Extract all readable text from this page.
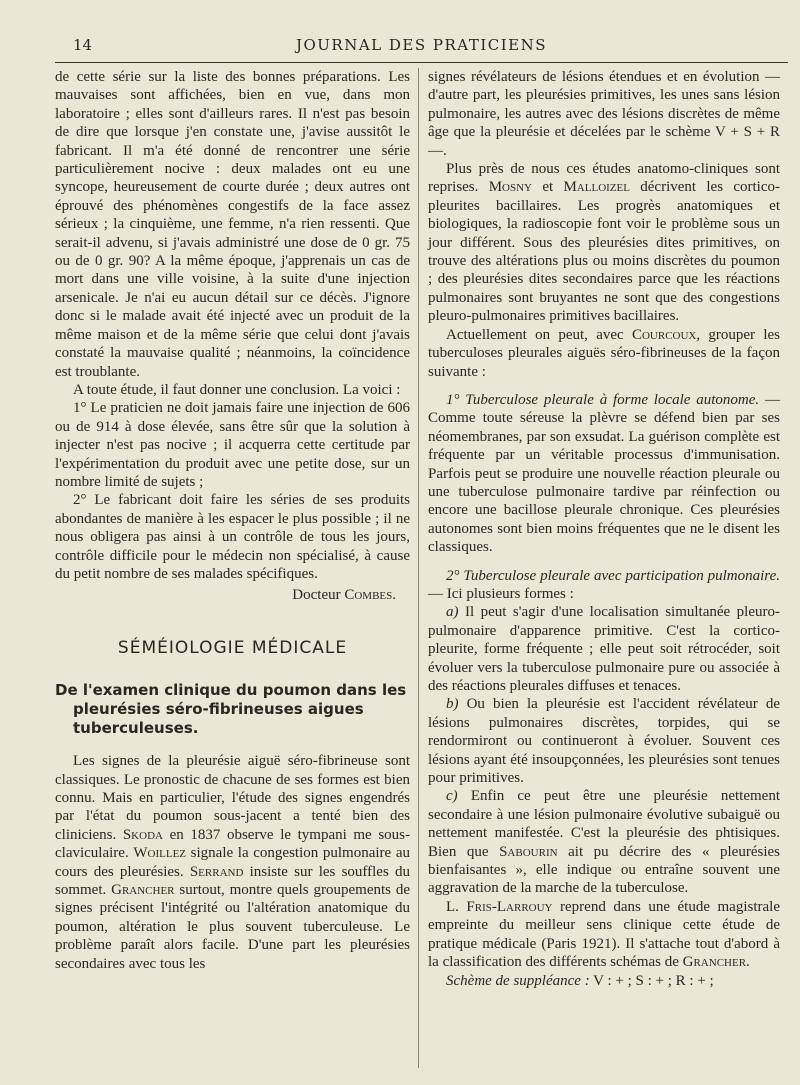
14	JOURNAL DES PRATICIENS

de cette série sur la liste des bonnes préparations. Les mauvaises sont affichées, bien en vue, dans mon laboratoire ; elles sont d'ailleurs rares. Il n'est pas besoin de dire que lorsque j'en constate une, j'avise aussitôt le fabricant. Il m'a été donné de rencontrer une série particulièrement nocive : deux malades ont eu une syncope, heureusement de courte durée ; deux autres ont éprouvé des phénomènes congestifs de la face assez sérieux ; la cinquième, une femme, n'a rien ressenti. Que serait-il advenu, si j'avais administré une dose de 0 gr. 75 ou de 0 gr. 90? A la même époque, j'apprenais un cas de mort dans une ville voisine, à la suite d'une injection arsenicale. Je n'ai eu aucun détail sur ce décès. J'ignore donc si le malade avait été injecté avec un produit de la même maison et de la même série que celui dont j'avais constaté la mauvaise qualité ; néanmoins, la coïncidence est troublante.

A toute étude, il faut donner une conclusion. La voici :

1° Le praticien ne doit jamais faire une injection de 606 ou de 914 à dose élevée, sans être sûr que la solution à injecter n'est pas nocive ; il acquerra cette certitude par l'expérimentation du produit avec une petite dose, sur un nombre limité de sujets ;

2° Le fabricant doit faire les séries de ses produits abondantes de manière à les espacer le plus possible ; il ne nous obligera pas ainsi à un contrôle de tous les jours, contrôle difficile pour le médecin non spécialisé, à cause du petit nombre de ses malades spécifiques.

Docteur Combes.
SÉMÉIOLOGIE MÉDICALE
De l'examen clinique du poumon dans les
pleurésies séro-fibrineuses aigues tuberculeuses.

Les signes de la pleurésie aiguë séro-fibrineuse sont classiques. Le pronostic de chacune de ses formes est bien connu. Mais en particulier, l'étude des signes engendrés par l'état du poumon sous-jacent a tenté bien des cliniciens. Skoda en 1837 observe le tympani me sous-claviculaire. Woillez signale la congestion pulmonaire au cours des pleurésies. Serrand insiste sur les souffles du sommet. Grancher surtout, montre quels groupements de signes précisent l'intégrité ou l'altération anatomique du poumon, altération le plus souvent tuberculeuse. Le problème paraît alors facile. D'une part les pleurésies secondaires avec tous les

signes révélateurs de lésions étendues et en évolution — d'autre part, les pleurésies primitives, les unes sans lésion pulmonaire, les autres avec des lésions discrètes de même âge que la pleurésie et décelées par le schème V + S + R —.

Plus près de nous ces études anatomo-cliniques sont reprises. Mosny et Malloizel décrivent les cortico-pleurites bacillaires. Les progrès anatomiques et biologiques, la radioscopie font voir le problème sous un jour différent. Sous des pleurésies dites primitives, on trouve des altérations plus ou moins discrètes du poumon ; des pleurésies dites secondaires parce que les réactions pulmonaires sont bruyantes ne sont que des congestions pleuro-pulmonaires primitives bacillaires.

Actuellement on peut, avec Courcoux, grouper les tuberculoses pleurales aiguës séro-fibrineuses de la façon suivante :

1° Tuberculose pleurale à forme locale autonome. — Comme toute séreuse la plèvre se défend bien par ses néomembranes, par son exsudat. La guérison complète est fréquente par un véritable processus d'immunisation. Parfois peut se produire une nouvelle réaction pleurale ou une tuberculose pulmonaire tardive par réinfection ou encore une bacillose pleurale chronique. Ces pleurésies autonomes sont bien moins fréquentes que ne le disent les classiques.

2° Tuberculose pleurale avec participation pulmonaire. — Ici plusieurs formes :

a) Il peut s'agir d'une localisation simultanée pleuro-pulmonaire d'apparence primitive. C'est la cortico-pleurite, forme fréquente ; elle peut soit rétrocéder, soit évoluer vers la tuberculose pulmonaire pure ou associée à des réactions pleurales diffuses et tenaces.

b) Ou bien la pleurésie est l'accident révélateur de lésions pulmonaires discrètes, torpides, qui se rendormiront ou continueront à évoluer. Souvent ces lésions ayant été insoupçonnées, les pleurésies sont tenues pour primitives.

c) Enfin ce peut être une pleurésie nettement secondaire à une lésion pulmonaire évolutive subaiguë ou nettement manifestée. C'est la pleurésie des phtisiques. Bien que Sabourin ait pu décrire des « pleurésies bienfaisantes », elle indique ou entraîne souvent une aggravation de la marche de la tuberculose.

L. Fris-Larrouy reprend dans une étude magistrale empreinte du meilleur sens clinique cette étude de pratique médicale (Paris 1921). Il s'attache tout d'abord à la classification des différents schémas de Grancher.

Schème de suppléance : V : + ; S : + ; R : + ;
